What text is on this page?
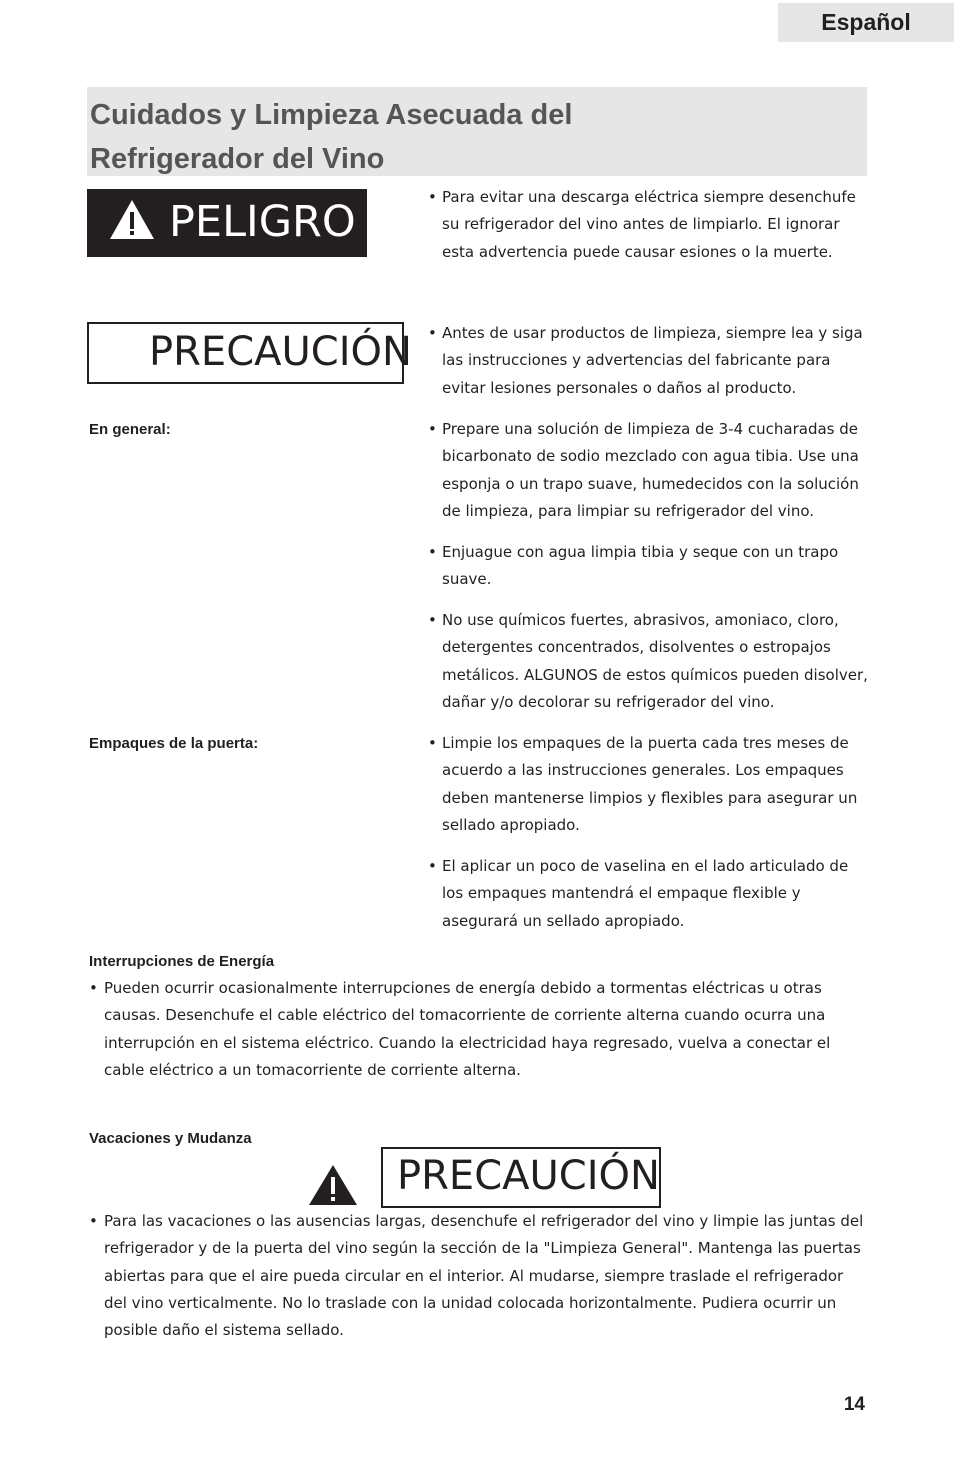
Español
Cuidados y Limpieza Asecuada del Refrigerador del Vino
PELIGRO	• Para evitar una descarga eléctrica siempre desenchufe su refrigerador del vino antes de limpiarlo. El ignorar esta advertencia puede causar esiones o la muerte.
PRECAUCIÓN	• Antes de usar productos de limpieza, siempre lea y siga las instrucciones y advertencias del fabricante para evitar lesiones personales o daños al producto.
En general:	• Prepare una solución de limpieza de 3-4 cucharadas de bicarbonato de sodio mezclado con agua tibia. Use una esponja o un trapo suave, humedecidos con la solución de limpieza, para limpiar su refrigerador del vino.
• Enjuague con agua limpia tibia y seque con un trapo suave.
• No use químicos fuertes, abrasivos, amoniaco, cloro, detergentes concentrados, disolventes o estropajos metálicos. ALGUNOS de estos químicos pueden disolver, dañar y/o decolorar su refrigerador del vino.
Empaques de la puerta:	• Limpie los empaques de la puerta cada tres meses de acuerdo a las instrucciones generales. Los empaques deben mantenerse limpios y flexibles para asegurar un sellado apropiado.
• El aplicar un poco de vaselina en el lado articulado de los empaques mantendrá el empaque flexible y asegurará un sellado apropiado.
Interrupciones de Energía
• Pueden ocurrir ocasionalmente interrupciones de energía debido a tormentas eléctricas u otras causas. Desenchufe el cable eléctrico del tomacorriente de corriente alterna cuando ocurra una interrupción en el sistema eléctrico. Cuando la electricidad haya regresado, vuelva a conectar el cable eléctrico a un tomacorriente de corriente alterna.
Vacaciones y Mudanza
PRECAUCIÓN
• Para las vacaciones o las ausencias largas, desenchufe el refrigerador del vino y limpie las juntas del refrigerador y de la puerta del vino según la sección de la "Limpieza General". Mantenga las puertas abiertas para que el aire pueda circular en el interior. Al mudarse, siempre traslade el refrigerador del vino verticalmente. No lo traslade con la unidad colocada horizontalmente. Pudiera ocurrir un posible daño el sistema sellado.
14
